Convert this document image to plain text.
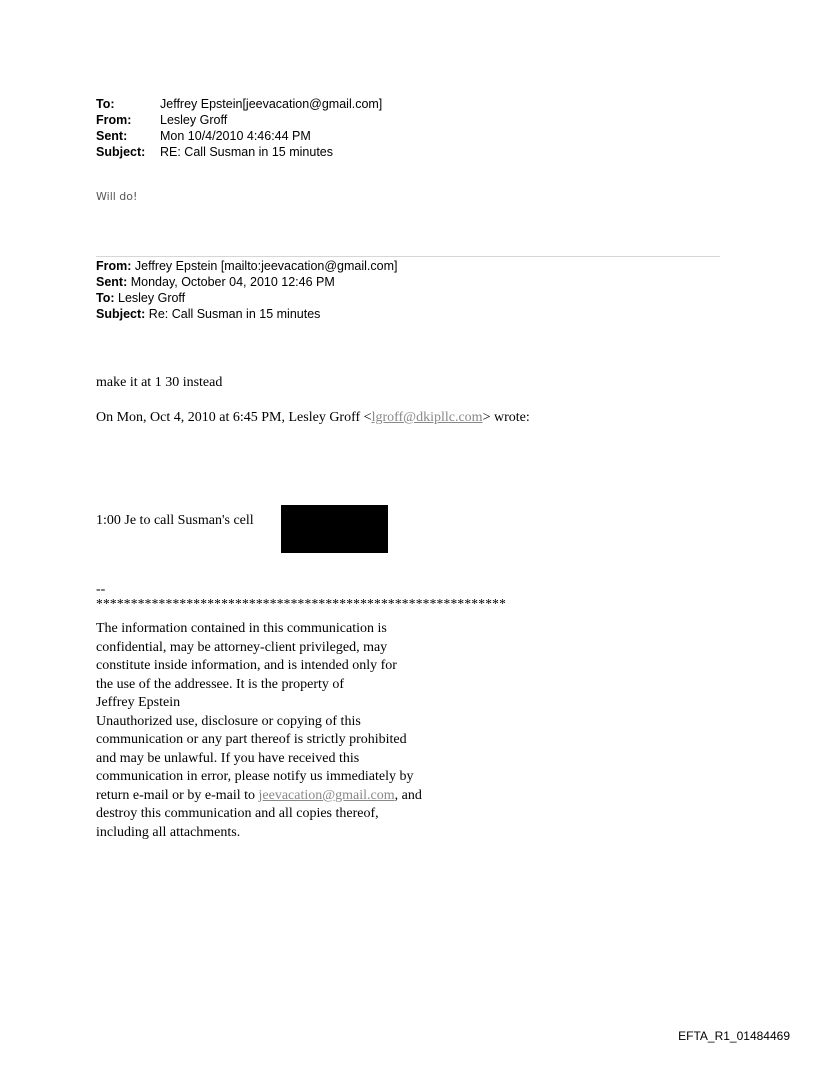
To:	Jeffrey Epstein[jeevacation@gmail.com]
From:	Lesley Groff
Sent:	Mon 10/4/2010 4:46:44 PM
Subject:	RE: Call Susman in 15 minutes
Will do!
From: Jeffrey Epstein [mailto:jeevacation@gmail.com]
Sent: Monday, October 04, 2010 12:46 PM
To: Lesley Groff
Subject: Re: Call Susman in 15 minutes
make it at 1 30 instead
On Mon, Oct 4, 2010 at 6:45 PM, Lesley Groff <lgroff@dkipllc.com> wrote:
1:00 Je to call Susman's cell
--
***********************************************************
The information contained in this communication is
confidential, may be attorney-client privileged, may
constitute inside information, and is intended only for
the use of the addressee. It is the property of
Jeffrey Epstein
Unauthorized use, disclosure or copying of this
communication or any part thereof is strictly prohibited
and may be unlawful. If you have received this
communication in error, please notify us immediately by
return e-mail or by e-mail to jeevacation@gmail.com, and
destroy this communication and all copies thereof,
including all attachments.
EFTA_R1_01484469
